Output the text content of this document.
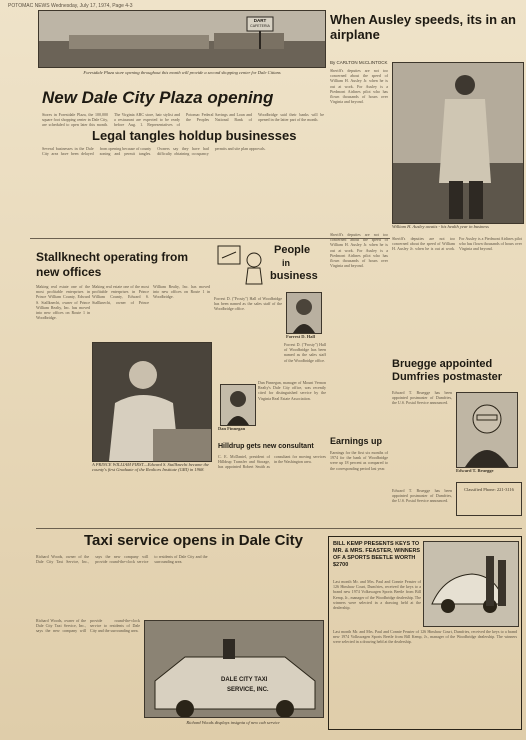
POTOMAC NEWS Wednesday, July 17, 1974, Page 4-3
DART
CAFETERIA
Forestdale Plaza store opening throughout this month will provide a second shopping center for Dale Citians
When Ausley speeds, its in an airplane
By CARLTON McCLINTOCK
Sheriff's deputies are not too concerned about the speed of William H. Ausley Jr. when he is out at work. For Ausley is a Piedmont Airlines pilot who has flown thousands of hours over Virginia and beyond.
William H. Ausley awaits - his health year in business
New Dale City Plaza opening
Stores in Forestdale Plaza, the 100,000 square foot shopping center in Dale City, are scheduled to open later this month. The Virginia ABC store, hair stylist and a restaurant are expected to be ready before Aug. 1. Representatives of Potomac Federal Savings and Loan and the Peoples National Bank of Woodbridge said their banks will be opened in the latter part of the month.
Legal tangles holdup businesses
Several businesses in the Dale City area have been delayed from opening because of county zoning and permit tangles. Owners say they have had difficulty obtaining occupancy permits and site plan approvals.
People
in
business
Stallknecht operating from new offices
Making real estate one of the most profitable enterprises in Prince William County, Edward S. Stallknecht, owner of Prince William Realty, Inc. has moved into new offices on Route 1 in Woodbridge.
Making real estate one of the most profitable enterprises in Prince William County, Edward S. Stallknecht, owner of Prince William Realty, Inc. has moved into new offices on Route 1 in Woodbridge.
A PRINCE WILLIAM FIRST—Edward S. Stallknecht became the county's first Graduate of the Realtors Institute (GRI) in 1968.
Forrest D. Hall
Forrest D. ("Frosty") Hall of Woodbridge has been named as the sales staff of the Woodbridge office.
Forrest D. ("Frosty") Hall of Woodbridge has been named as the sales staff of the Woodbridge office.
Dan Finnegan
Dan Finnegan, manager of Mount Vernon Realty's Dale City office, was recently cited for distinguished service by the Virginia Real Estate Association.
Hilldrup gets new consultant
C. E. McDaniel, president of Hilldrup Transfer and Storage, has appointed Robert Smith as consultant for moving services in the Washington area.
Sheriff's deputies are not too concerned about the speed of William H. Ausley Jr. when he is out at work. For Ausley is a Piedmont Airlines pilot who has flown thousands of hours over Virginia and beyond.
Sheriff's deputies are not too concerned about the speed of William H. Ausley Jr. when he is out at work. For Ausley is a Piedmont Airlines pilot who has flown thousands of hours over Virginia and beyond.
Bruegge appointed Dumfries postmaster
Edward T. Bruegge has been appointed postmaster of Dumfries, the U.S. Postal Service announced.
Edward T. Bruegge
Edward T. Bruegge has been appointed postmaster of Dumfries, the U.S. Postal Service announced.
Classified Phone: 221-3116
Earnings up
Earnings for the first six months of 1974 for the bank of Woodbridge were up 18 percent as compared to the corresponding period last year.
Taxi service opens in Dale City
Richard Woods, owner of the Dale City Taxi Service, Inc., says the new company will provide round-the-clock service to residents of Dale City and the surrounding area.
Richard Woods, owner of the Dale City Taxi Service, Inc., says the new company will provide round-the-clock service to residents of Dale City and the surrounding area.
DALE CITY TAXI
SERVICE, INC.
Richard Woods displays insignia of new cab service
BILL KEMP PRESENTS KEYS TO MR. & MRS. FEASTER, WINNERS OF A SPORTS BEETLE WORTH $2700
Last month Mr. and Mrs. Paul and Connie Feaster of 126 Hinshaw Court, Dumfries, received the keys to a brand new 1974 Volkswagen Sports Beetle from Bill Kemp, Jr., manager of the Woodbridge dealership. The winners were selected in a drawing held at the dealership.
Last month Mr. and Mrs. Paul and Connie Feaster of 126 Hinshaw Court, Dumfries, received the keys to a brand new 1974 Volkswagen Sports Beetle from Bill Kemp, Jr., manager of the Woodbridge dealership. The winners were selected in a drawing held at the dealership.
